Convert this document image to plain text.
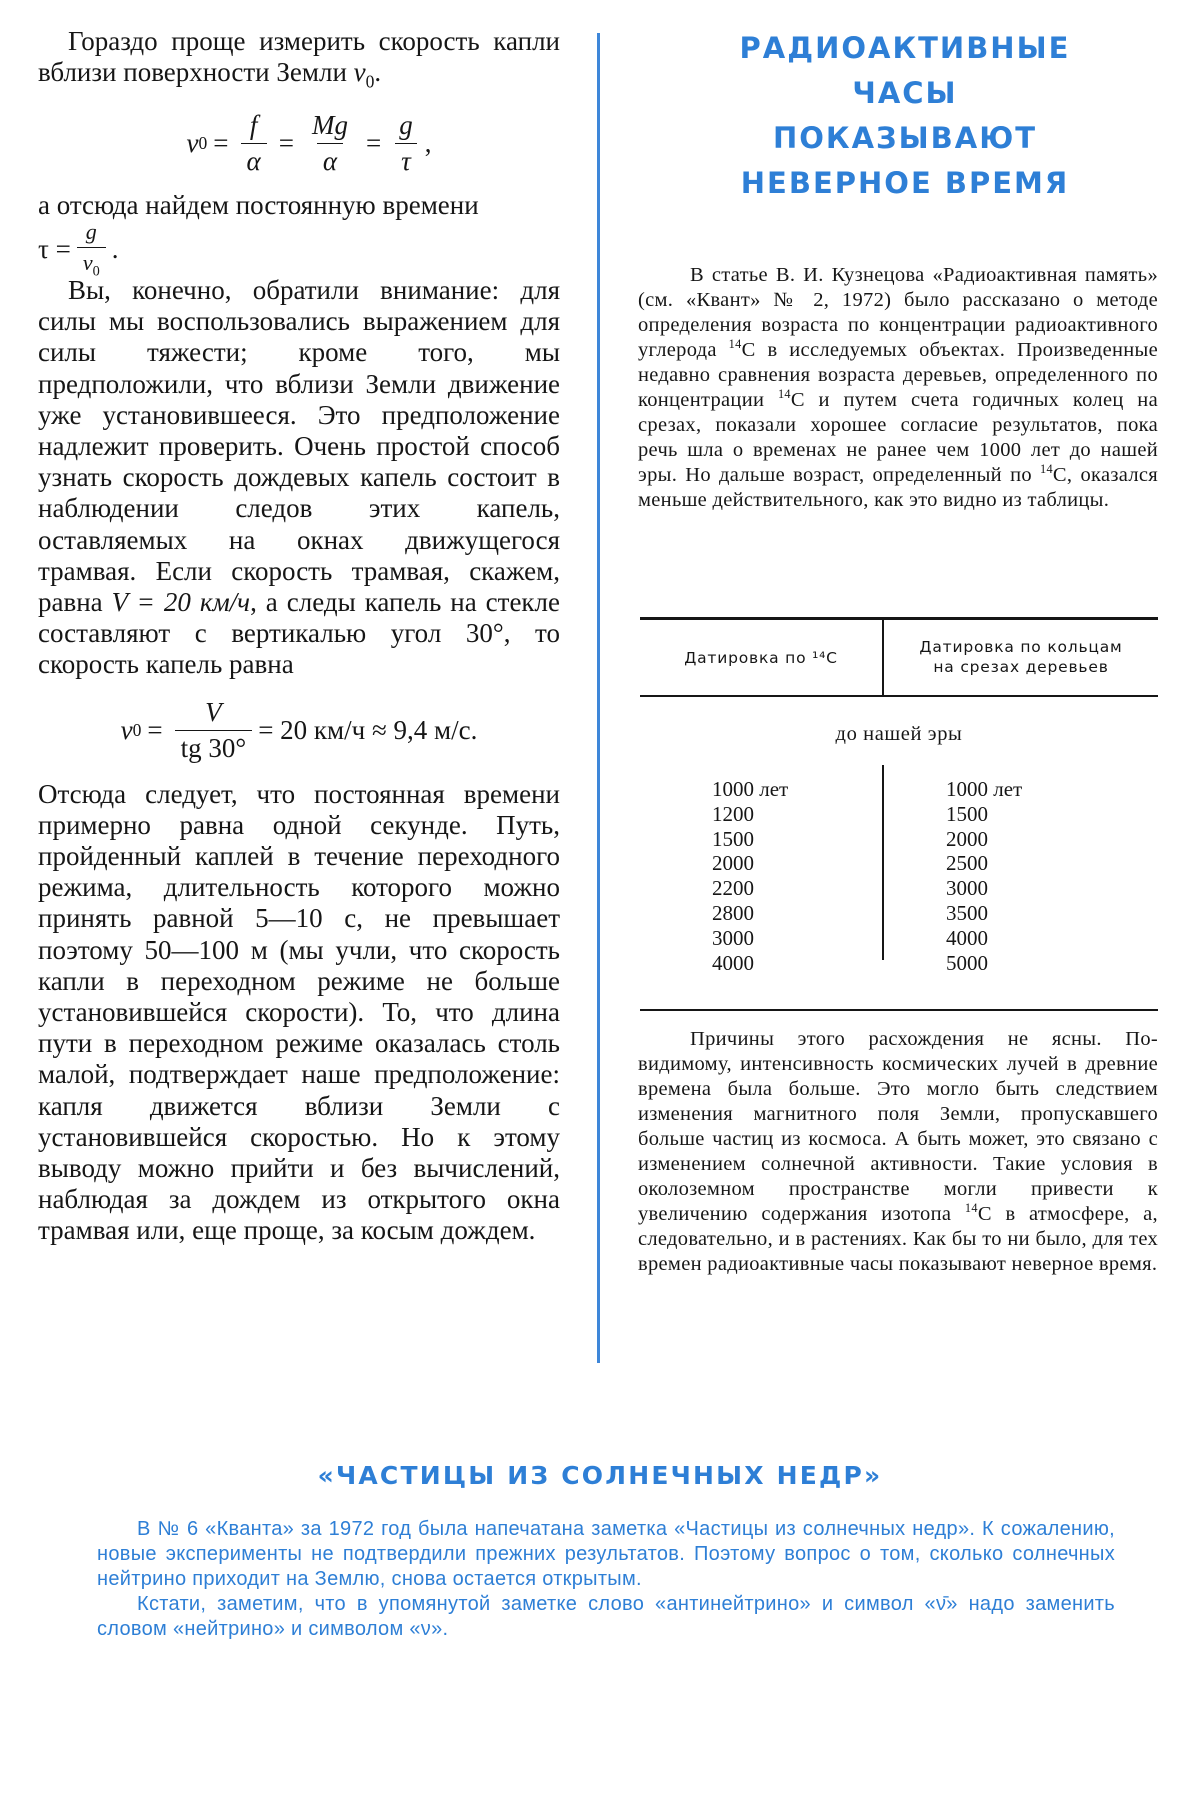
Гораздо проще измерить скорость капли вблизи поверхности Земли $v_0$.

v $0 = \frac{f}{\alpha} = \frac{Mg}{\alpha} = \frac{g}{\tau}$ ,

а отсюда найдем постоянную времени

$\tau = \frac{g}{v_0}$ .

Вы, конечно, обратили внимание: для силы мы воспользовались выражением для силы тяжести; кроме того, мы предположили, что вблизи Земли движение уже установившееся. Это предположение надлежит проверить. Очень простой способ узнать скорость дождевых капель состоит в наблюдении следов этих капель, оставляемых на окнах движущегося трамвая. Если скорость трамвая, скажем, равна V = 20 км/ч, а следы капель на стекле составляют с вертикалью угол 30°, то скорость капель равна

v $0 = \frac{V}{tg 30^\circ} = 20$ км/ч ≈ 9,4 м/с.

Отсюда следует, что постоянная времени примерно равна одной секунде. Путь, пройденный каплей в течение переходного режима, длительность которого можно принять равной 5—10 с, не превышает поэтому 50—100 м (мы учли, что скорость капли в переходном режиме не больше установившейся скорости). То, что длина пути в переходном режиме оказалась столь малой, подтверждает наше предположение: капля движется вблизи Земли с установившейся скоростью. Но к этому выводу можно прийти и без вычислений, наблюдая за дождем из открытого окна трамвая или, еще проще, за косым дождем.

РАДИОАКТИВНЫЕ
ЧАСЫ
ПОКАЗЫВАЮТ
НЕВЕРНОЕ ВРЕМЯ

В статье В. И. Кузнецова «Радиоактивная память» (см. «Квант» № 2, 1972) было рассказано о методе определения возраста по концентрации радиоактивного углерода $^{14}$C в исследуемых объектах. Произведенные недавно сравнения возраста деревьев, определенного по концентрации $^{14}$C и путем счета годичных колец на срезах, показали хорошее согласие результатов, пока речь шла о временах не ранее чем 1000 лет до нашей эры. Но дальше возраст, определенный по $^{14}$C, оказался меньше действительного, как это видно из таблицы.

Датировка по ¹⁴C
Датировка по кольцам
на срезах деревьев
до нашей эры
1000 лет
1200
1500
2000
2200
2800
3000
4000
1000 лет
1500
2000
2500
3000
3500
4000
5000

Причины этого расхождения не ясны. По-видимому, интенсивность космических лучей в древние времена была больше. Это могло быть следствием изменения магнитного поля Земли, пропускавшего больше частиц из космоса. А быть может, это связано с изменением солнечной активности. Такие условия в околоземном пространстве могли привести к увеличению содержания изотопа $^{14}$C в атмосфере, а, следовательно, и в растениях. Как бы то ни было, для тех времен радиоактивные часы показывают неверное время.

«ЧАСТИЦЫ ИЗ СОЛНЕЧНЫХ НЕДР»

В № 6 «Кванта» за 1972 год была напечатана заметка «Частицы из солнечных недр». К сожалению, новые эксперименты не подтвердили прежних результатов. Поэтому вопрос о том, сколько солнечных нейтрино приходит на Землю, снова остается открытым.

Кстати, заметим, что в упомянутой заметке слово «антинейтрино» и символ «ν̄» надо заменить словом «нейтрино» и символом «ν».
